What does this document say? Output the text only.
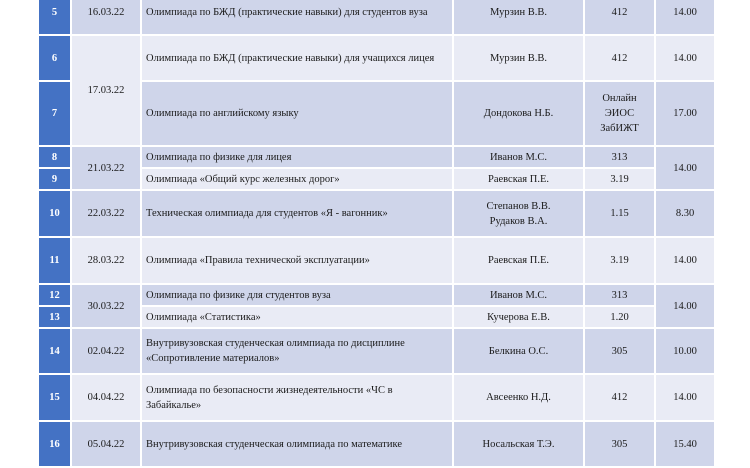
5	16.03.22	Олимпиада по БЖД (практические навыки) для студентов вуза	Мурзин В.В.	412	14.00
6	17.03.22	Олимпиада по БЖД (практические навыки) для учащихся лицея	Мурзин В.В.	412	14.00
7		Олимпиада по английскому языку	Дондокова Н.Б.	Онлайн
ЭИОС
ЗабИЖТ	17.00
8	21.03.22	Олимпиада по физике для лицея	Иванов М.С.	313	14.00
9		Олимпиада «Общий курс железных дорог»	Раевская П.Е.	3.19	
10	22.03.22	Техническая олимпиада для студентов «Я - вагонник»	Степанов В.В.
Рудаков В.А.	1.15	8.30
11	28.03.22	Олимпиада «Правила технической эксплуатации»	Раевская П.Е.	3.19	14.00
12	30.03.22	Олимпиада по физике для студентов вуза	Иванов М.С.	313	14.00
13		Олимпиада «Статистика»	Кучерова Е.В.	1.20	
14	02.04.22	Внутривузовская студенческая олимпиада по дисциплине «Сопротивление материалов»	Белкина О.С.	305	10.00
15	04.04.22	Олимпиада по безопасности жизнедеятельности «ЧС в Забайкалье»	Авсеенко Н.Д.	412	14.00
16	05.04.22	Внутривузовская студенческая олимпиада по математике	Носальская Т.Э.	305	15.40
